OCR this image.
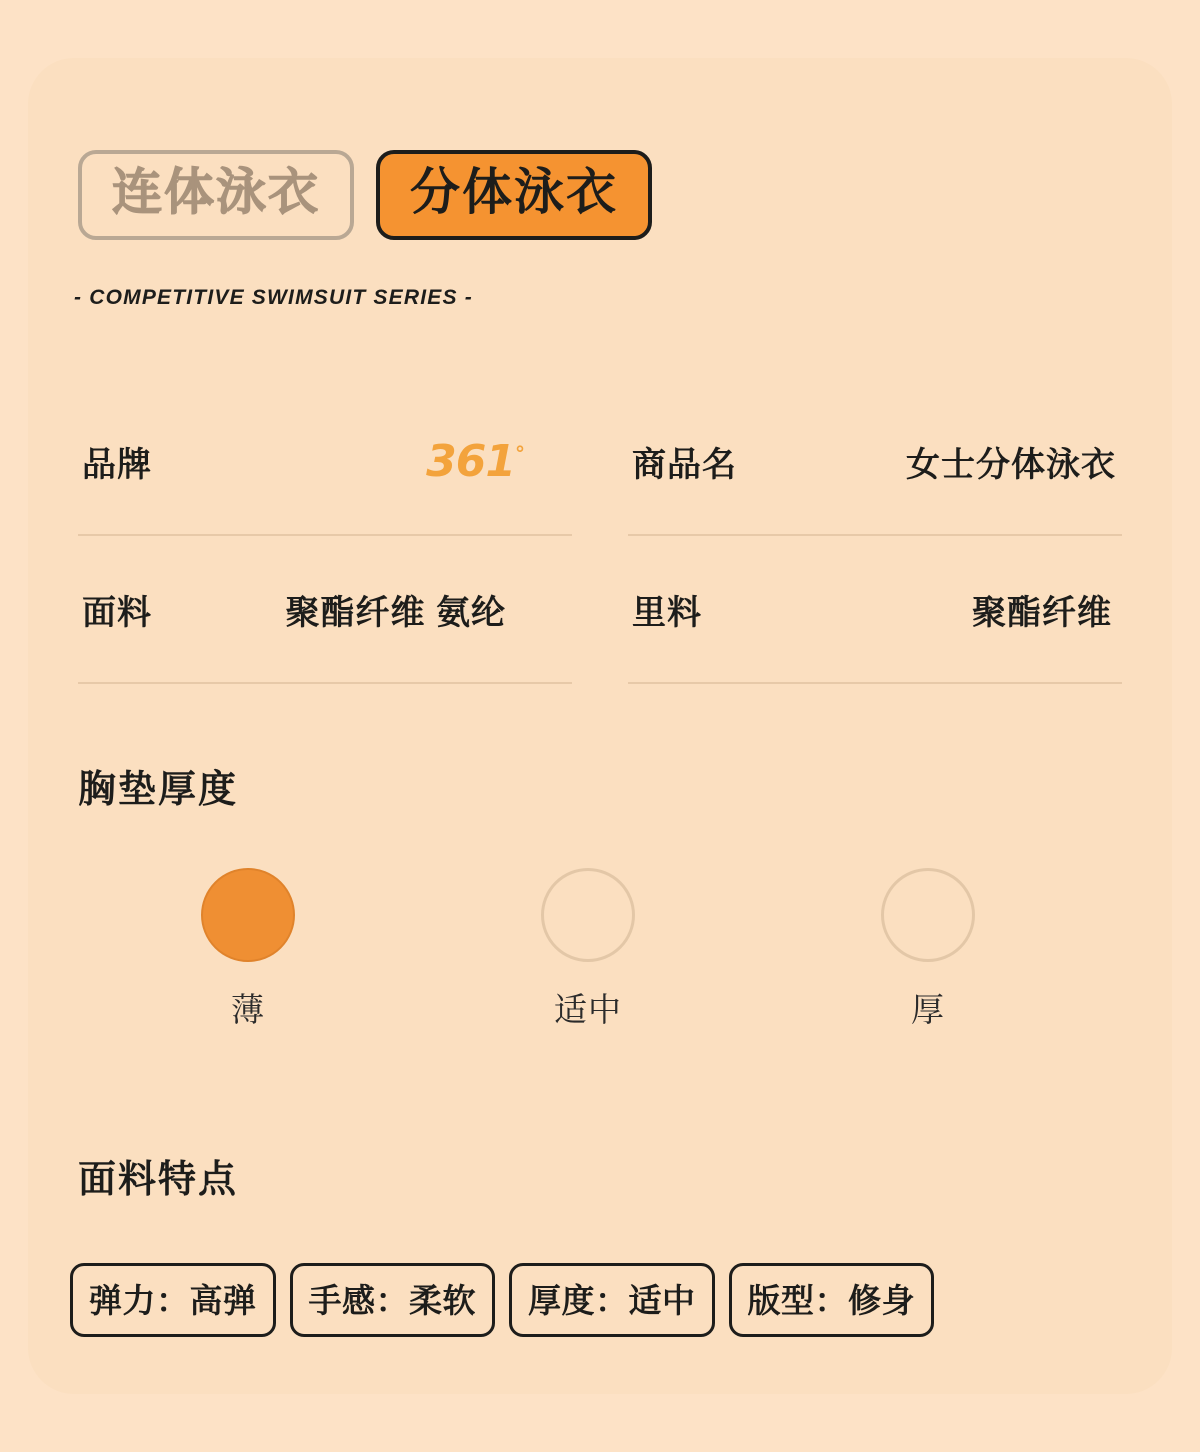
连体泳衣	分体泳衣
- COMPETITIVE SWIMSUIT SERIES -
品牌	361°	商品名	女士分体泳衣
面料	聚酯纤维 氨纶	里料	聚酯纤维
胸垫厚度
薄	适中	厚
面料特点
弹力：高弹	手感：柔软	厚度：适中	版型：修身
